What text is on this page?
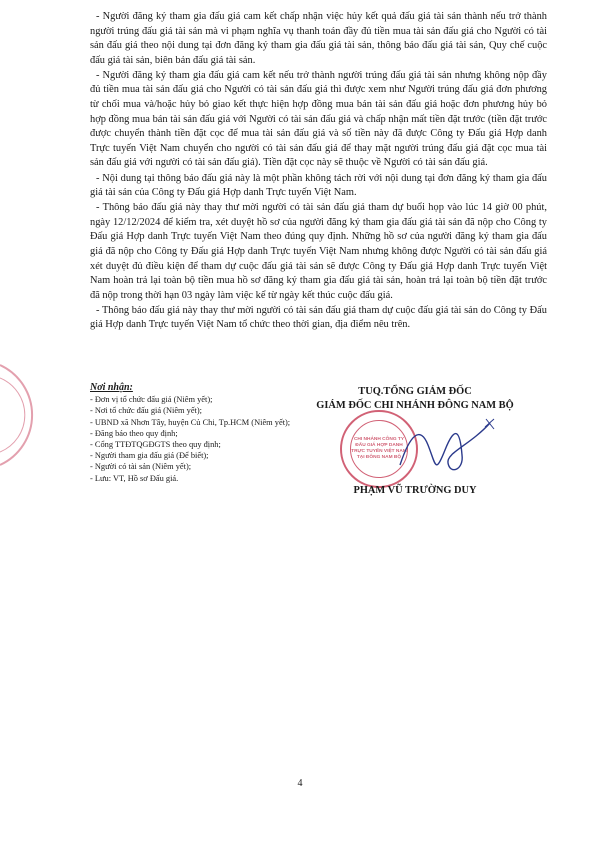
- Người đăng ký tham gia đấu giá cam kết chấp nhận việc hủy kết quả đấu giá tài sản thành nếu trở thành người trúng đấu giá tài sản mà vi phạm nghĩa vụ thanh toán đầy đủ tiền mua tài sản đấu giá cho Người có tài sản đấu giá theo nội dung tại đơn đăng ký tham gia đấu giá tài sản, thông báo đấu giá tài sản, Quy chế cuộc đấu giá tài sản, biên bản đấu giá tài sản.

- Người đăng ký tham gia đấu giá cam kết nếu trở thành người trúng đấu giá tài sản nhưng không nộp đầy đủ tiền mua tài sản đấu giá cho Người có tài sản đấu giá thì được xem như Người trúng đấu giá đơn phương từ chối mua và/hoặc hủy bỏ giao kết thực hiện hợp đồng mua bán tài sản đấu giá hoặc đơn phương hủy bỏ hợp đồng mua bán tài sản đấu giá với Người có tài sản đấu giá và chấp nhận mất tiền đặt trước (tiền đặt trước được chuyển thành tiền đặt cọc để mua tài sản đấu giá và số tiền này đã được Công ty Đấu giá Hợp danh Trực tuyến Việt Nam chuyển cho người có tài sản đấu giá để thay mặt người trúng đấu giá đặt cọc mua tài sản đấu giá với người có tài sản đấu giá). Tiền đặt cọc này sẽ thuộc về Người có tài sản đấu giá.

- Nội dung tại thông báo đấu giá này là một phần không tách rời với nội dung tại đơn đăng ký tham gia đấu giá tài sản của Công ty Đấu giá Hợp danh Trực tuyến Việt Nam.

- Thông báo đấu giá này thay thư mời người có tài sản đấu giá tham dự buổi họp vào lúc 14 giờ 00 phút, ngày 12/12/2024 để kiểm tra, xét duyệt hồ sơ của người đăng ký tham gia đấu giá tài sản đã nộp cho Công ty Đấu giá Hợp danh Trực tuyến Việt Nam theo đúng quy định. Những hồ sơ của người đăng ký tham gia đấu giá đã nộp cho Công ty Đấu giá Hợp danh Trực tuyến Việt Nam nhưng không được Người có tài sản đấu giá xét duyệt đủ điều kiện để tham dự cuộc đấu giá tài sản sẽ được Công ty Đấu giá Hợp danh Trực tuyến Việt Nam hoàn trả lại toàn bộ tiền mua hồ sơ đăng ký tham gia đấu giá tài sản, hoàn trả lại toàn bộ tiền đặt trước đã nộp trong thời hạn 03 ngày làm việc kể từ ngày kết thúc cuộc đấu giá.

- Thông báo đấu giá này thay thư mời người có tài sản đấu giá tham dự cuộc đấu giá tài sản do Công ty Đấu giá Hợp danh Trực tuyến Việt Nam tổ chức theo thời gian, địa điểm nêu trên.

Nơi nhận:
- Đơn vị tổ chức đấu giá (Niêm yết);
- Nơi tổ chức đấu giá (Niêm yết);
- UBND xã Nhơn Tây, huyện Củ Chi, Tp.HCM (Niêm yết);
- Đăng báo theo quy định;
- Cổng TTĐTQGĐGTS theo quy định;
- Người tham gia đấu giá (Để biết);
- Người có tài sản (Niêm yết);
- Lưu: VT, Hồ sơ Đấu giá.
TUQ.TỔNG GIÁM ĐỐC
GIÁM ĐỐC CHI NHÁNH ĐÔNG NAM BỘ
CHI NHÁNH CÔNG TY ĐẤU GIÁ HỢP DANH TRỰC TUYẾN VIỆT NAM TẠI ĐÔNG NAM BỘ
PHẠM VŨ TRƯỜNG DUY
4
